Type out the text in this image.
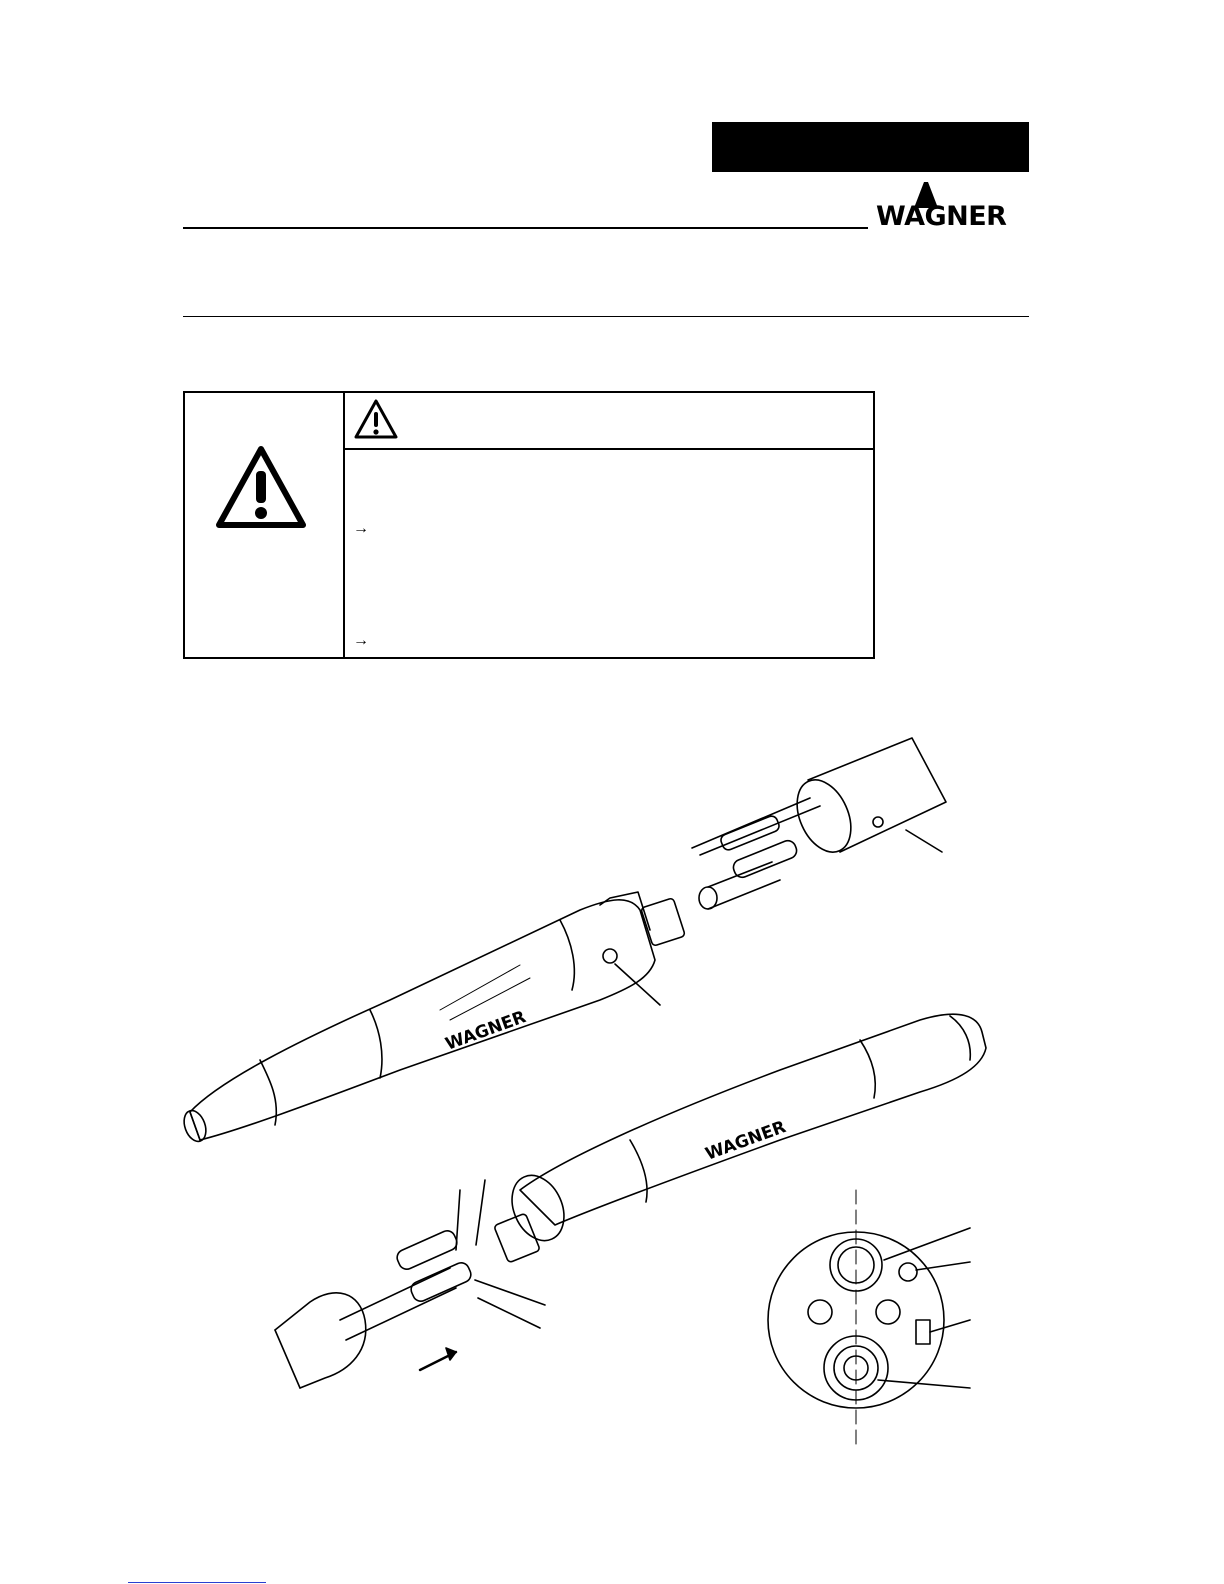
WAGNER
→
→
WAGNER
WAGNER
